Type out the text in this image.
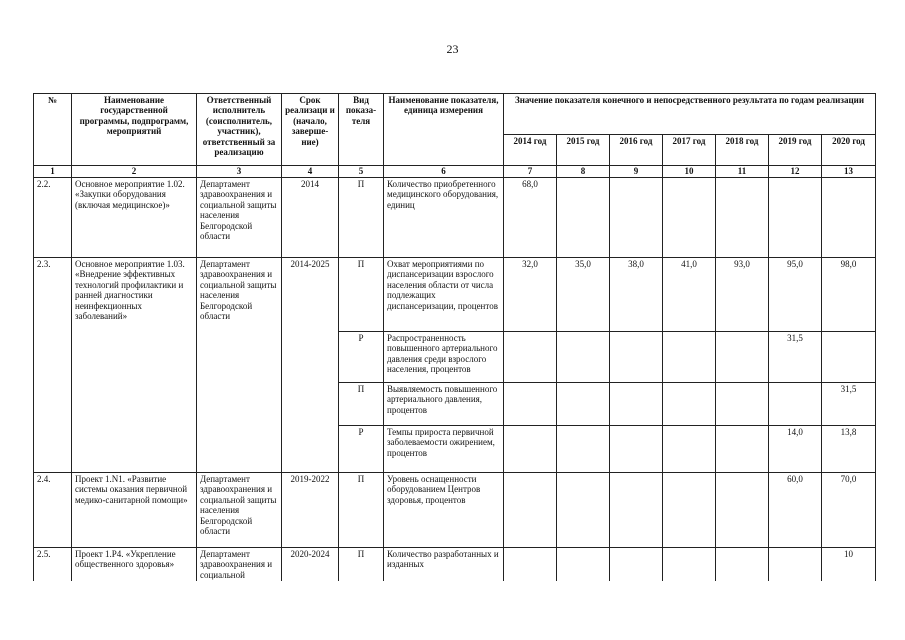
23
№	Наименование государственной программы, подпрограмм, мероприятий	Ответственный исполнитель (соисполнитель, участник), ответственный за реализацию	Срок реализаци и (начало, заверше-ние)	Вид показа-теля	Наименование показателя, единица измерения	Значение показателя конечного и непосредственного результата по годам реализации						
						2014 год	2015 год	2016 год	2017 год	2018 год	2019 год	2020 год
1	2	3	4	5	6	7	8	9	10	11	12	13
2.2.	Основное мероприятие 1.02. «Закупки оборудования (включая медицинское)»	Департамент здравоохранения и социальной защиты населения Белгородской области	2014	П	Количество приобретенного медицинского оборудования, единиц	68,0						
2.3.	Основное мероприятие 1.03. «Внедрение эффективных технологий профилактики и ранней диагностики неинфекционных заболеваний»	Департамент здравоохранения и социальной защиты населения Белгородской области	2014-2025	П	Охват мероприятиями по диспансеризации взрослого населения области от числа подлежащих диспансеризации, процентов	32,0	35,0	38,0	41,0	93,0	95,0	98,0
				Р	Распространенность повышенного артериального давления среди взрослого населения, процентов						31,5	
				П	Выявляемость повышенного артериального давления, процентов							31,5
				Р	Темпы прироста первичной заболеваемости ожирением, процентов						14,0	13,8
2.4.	Проект 1.N1. «Развитие системы оказания первичной медико-санитарной помощи»	Департамент здравоохранения и социальной защиты населения Белгородской области	2019-2022	П	Уровень оснащенности оборудованием Центров здоровья, процентов						60,0	70,0
2.5.	Проект 1.Р4. «Укрепление общественного здоровья»	Департамент здравоохранения и социальной	2020-2024	П	Количество разработанных и изданных							10
